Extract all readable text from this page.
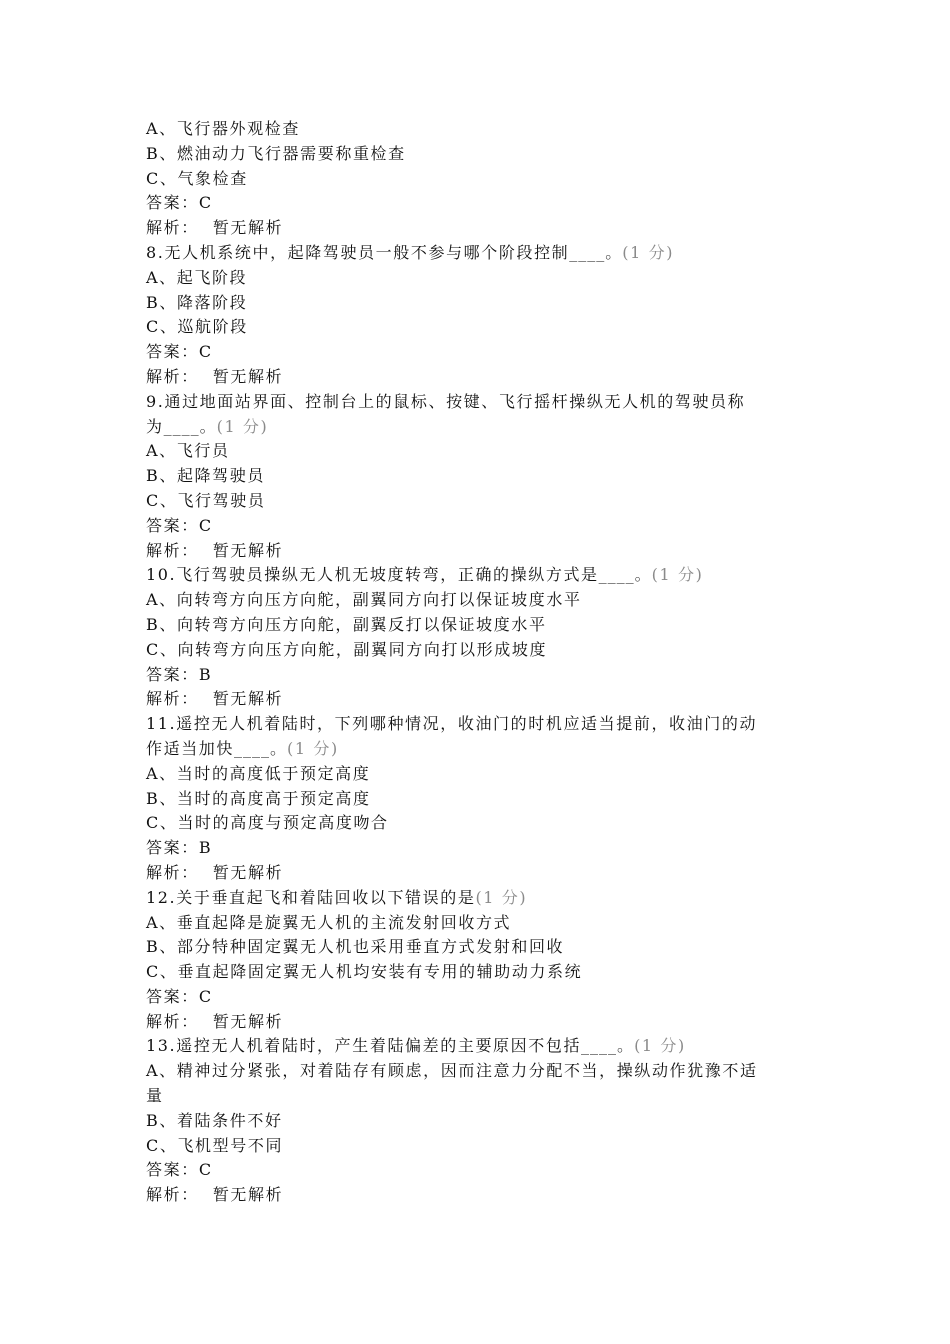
A、飞行器外观检查
B、燃油动力飞行器需要称重检查
C、气象检查
答案：C
解析： 暂无解析
8.无人机系统中，起降驾驶员一般不参与哪个阶段控制____。(1 分)
A、起飞阶段
B、降落阶段
C、巡航阶段
答案：C
解析： 暂无解析
9.通过地面站界面、控制台上的鼠标、按键、飞行摇杆操纵无人机的驾驶员称
为____。(1 分)
A、飞行员
B、起降驾驶员
C、飞行驾驶员
答案：C
解析： 暂无解析
10.飞行驾驶员操纵无人机无坡度转弯，正确的操纵方式是____。(1 分)
A、向转弯方向压方向舵，副翼同方向打以保证坡度水平
B、向转弯方向压方向舵，副翼反打以保证坡度水平
C、向转弯方向压方向舵，副翼同方向打以形成坡度
答案：B
解析： 暂无解析
11.遥控无人机着陆时，下列哪种情况，收油门的时机应适当提前，收油门的动
作适当加快____。(1 分)
A、当时的高度低于预定高度
B、当时的高度高于预定高度
C、当时的高度与预定高度吻合
答案：B
解析： 暂无解析
12.关于垂直起飞和着陆回收以下错误的是(1 分)
A、垂直起降是旋翼无人机的主流发射回收方式
B、部分特种固定翼无人机也采用垂直方式发射和回收
C、垂直起降固定翼无人机均安装有专用的辅助动力系统
答案：C
解析： 暂无解析
13.遥控无人机着陆时，产生着陆偏差的主要原因不包括____。(1 分)
A、精神过分紧张，对着陆存有顾虑，因而注意力分配不当，操纵动作犹豫不适
量
B、着陆条件不好
C、飞机型号不同
答案：C
解析： 暂无解析
